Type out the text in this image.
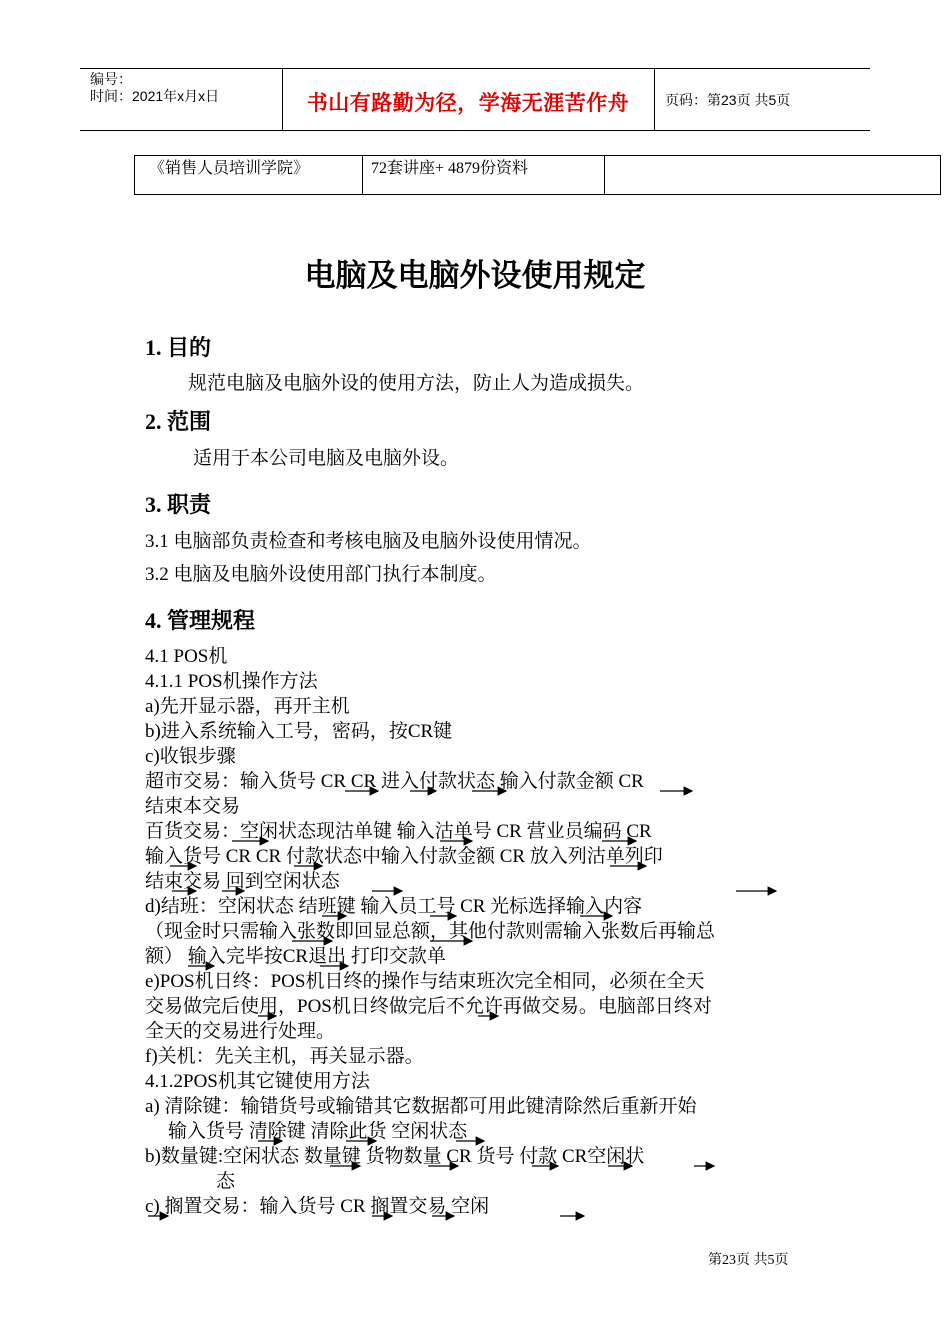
编号：
时间：2021年x月x日	书山有路勤为径，学海无涯苦作舟	页码：第23页 共5页
《销售人员培训学院》	72套讲座+ 4879份资料
电脑及电脑外设使用规定
1. 目的
规范电脑及电脑外设的使用方法，防止人为造成损失。
2. 范围
适用于本公司电脑及电脑外设。
3. 职责
3.1 电脑部负责检查和考核电脑及电脑外设使用情况。
3.2 电脑及电脑外设使用部门执行本制度。
4. 管理规程
4.1 POS机
4.1.1 POS机操作方法
a)先开显示器，再开主机
b)进入系统输入工号，密码，按CR键
c)收银步骤
超市交易：输入货号 CR CR 进入付款状态 输入付款金额 CR
结束本交易
百货交易：空闲状态现沽单键 输入沽单号 CR 营业员编码 CR
输入货号 CR CR 付款状态中输入付款金额 CR 放入列沽单列印
结束交易 回到空闲状态
d)结班：空闲状态 结班键 输入员工号 CR 光标选择输入内容
（现金时只需输入张数即回显总额，其他付款则需输入张数后再输总
额） 输入完毕按CR退出 打印交款单
e)POS机日终：POS机日终的操作与结束班次完全相同，必须在全天
交易做完后使用，POS机日终做完后不允许再做交易。电脑部日终对
全天的交易进行处理。
f)关机：先关主机，再关显示器。
4.1.2POS机其它键使用方法
a) 清除键：输错货号或输错其它数据都可用此键清除然后重新开始
输入货号 清除键 清除此货 空闲状态
b)数量键:空闲状态 数量键 货物数量 CR 货号 付款 CR空闲状
态
c) 搁置交易：输入货号 CR 搁置交易 空闲
第23页 共5页
